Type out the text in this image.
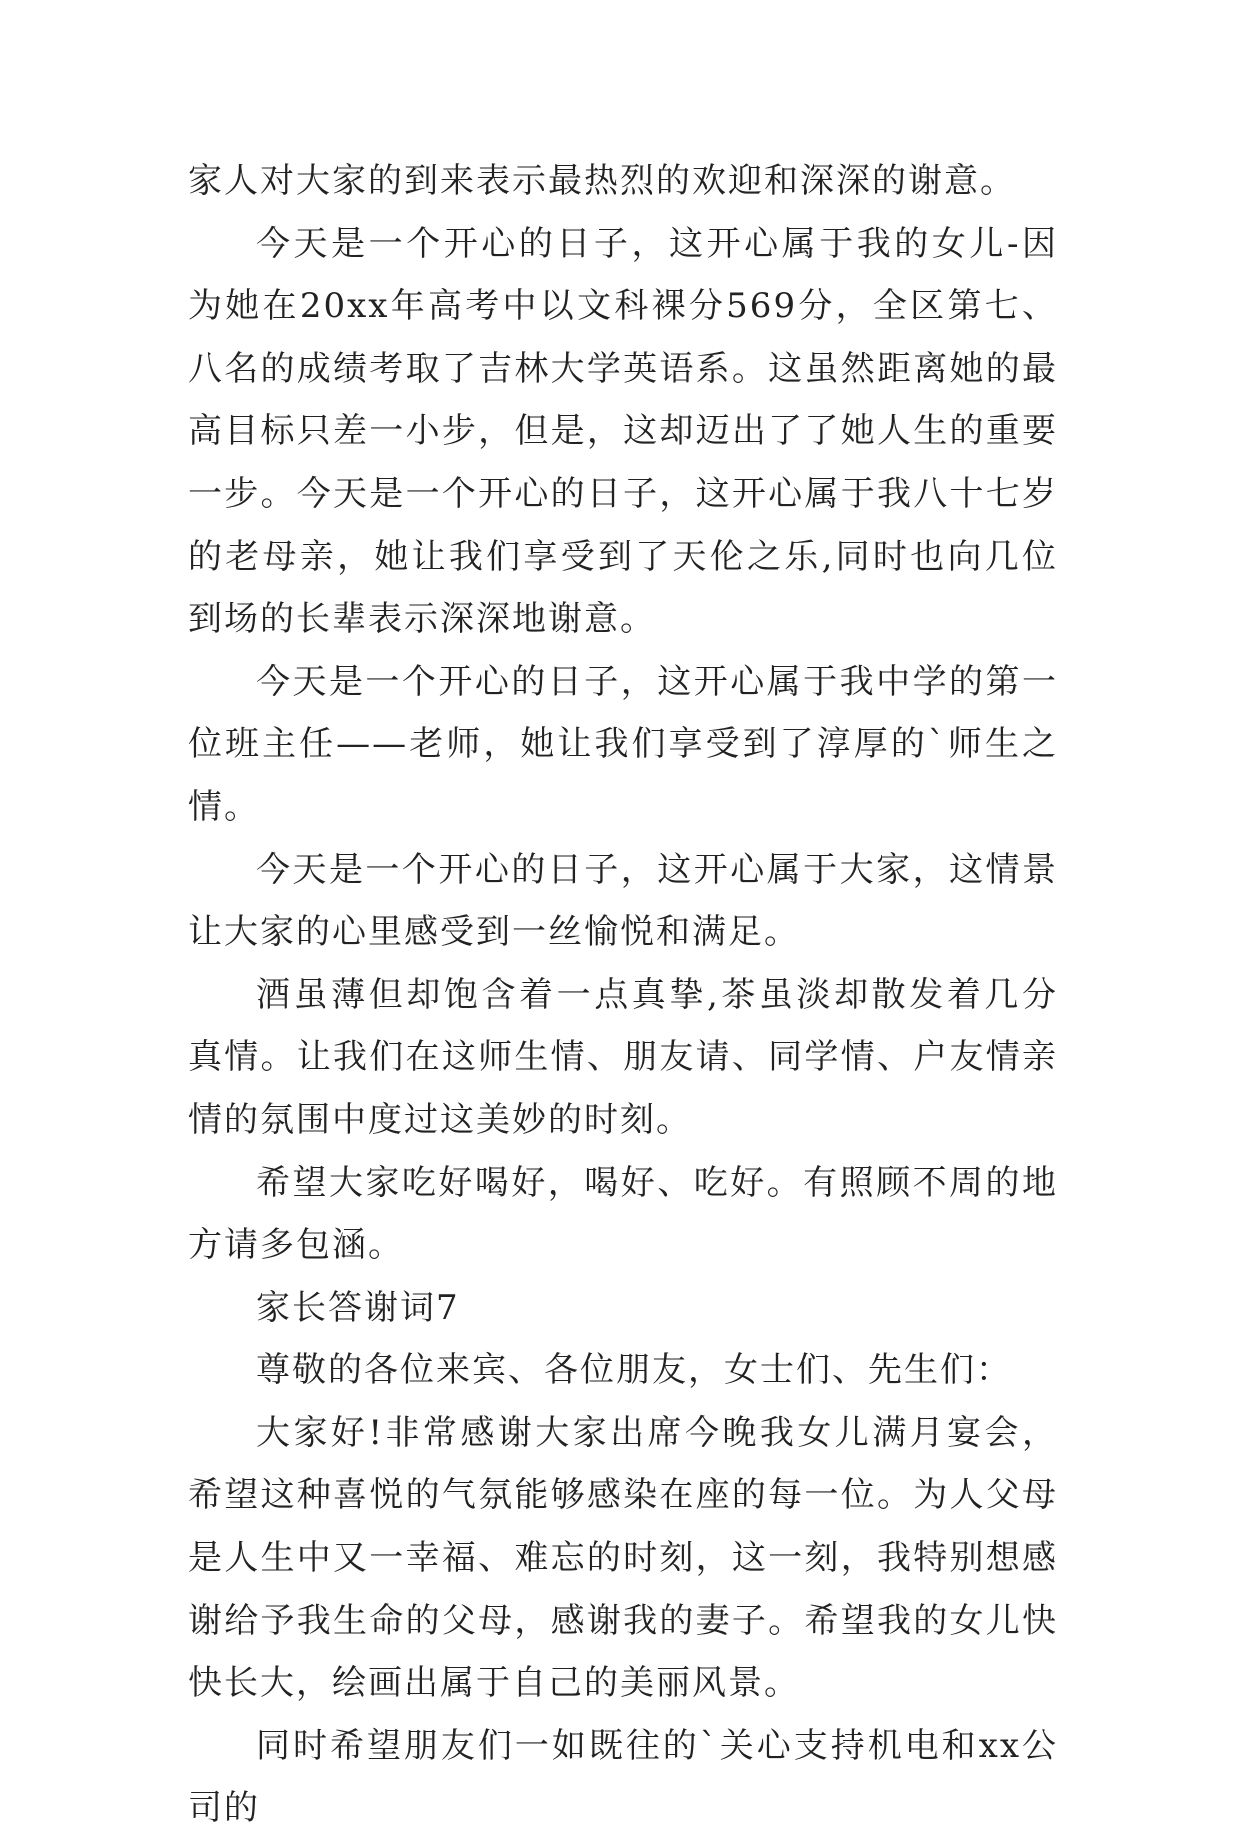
家人对大家的到来表示最热烈的欢迎和深深的谢意。

今天是一个开心的日子，这开心属于我的女儿-因为她在20xx年高考中以文科裸分569分，全区第七、八名的成绩考取了吉林大学英语系。这虽然距离她的最高目标只差一小步，但是，这却迈出了了她人生的重要一步。今天是一个开心的日子，这开心属于我八十七岁的老母亲，她让我们享受到了天伦之乐,同时也向几位到场的长辈表示深深地谢意。

今天是一个开心的日子，这开心属于我中学的第一位班主任——老师，她让我们享受到了淳厚的`师生之情。

今天是一个开心的日子，这开心属于大家，这情景让大家的心里感受到一丝愉悦和满足。

酒虽薄但却饱含着一点真挚,茶虽淡却散发着几分真情。让我们在这师生情、朋友请、同学情、户友情亲情的氛围中度过这美妙的时刻。

希望大家吃好喝好，喝好、吃好。有照顾不周的地方请多包涵。

家长答谢词7

尊敬的各位来宾、各位朋友，女士们、先生们：

大家好!非常感谢大家出席今晚我女儿满月宴会，希望这种喜悦的气氛能够感染在座的每一位。为人父母是人生中又一幸福、难忘的时刻，这一刻，我特别想感谢给予我生命的父母，感谢我的妻子。希望我的女儿快快长大，绘画出属于自己的美丽风景。

同时希望朋友们一如既往的`关心支持机电和xx公司的
